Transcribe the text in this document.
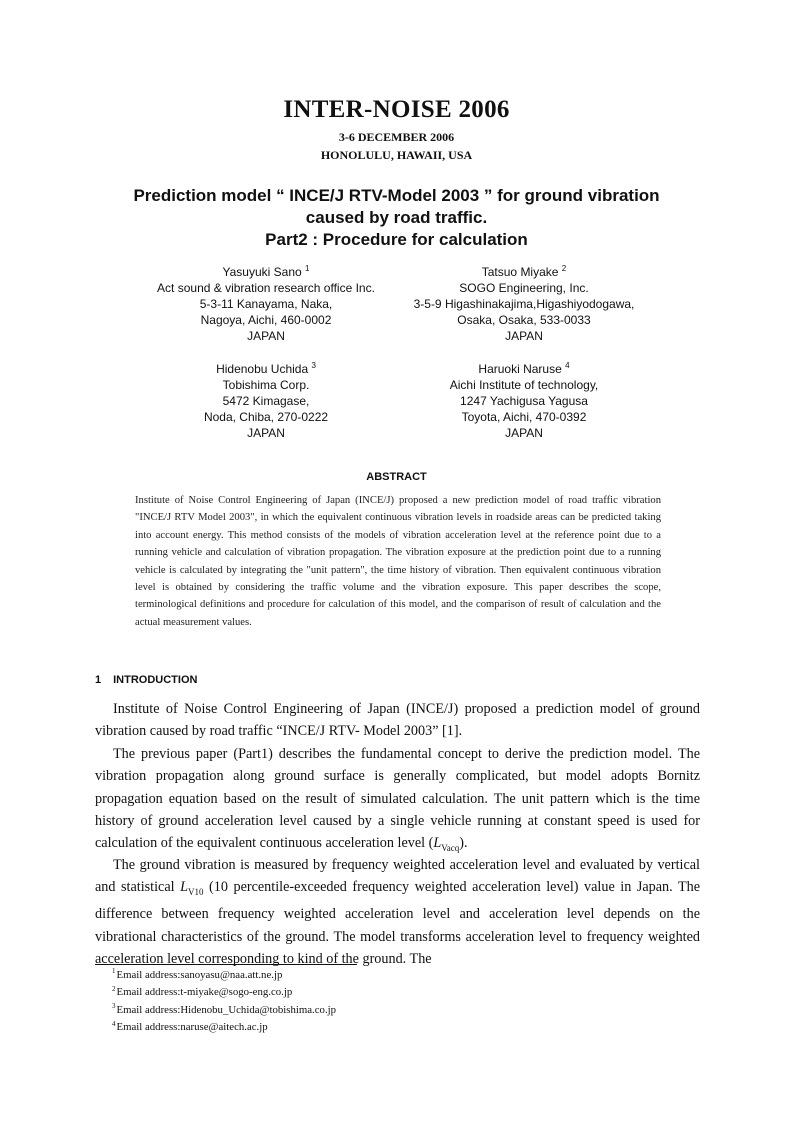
INTER-NOISE 2006
3-6 DECEMBER 2006
HONOLULU, HAWAII, USA
Prediction model “ INCE/J RTV-Model 2003 ” for ground vibration
caused by road traffic.
Part2 : Procedure for calculation
Yasuyuki Sano $^1$
Act sound & vibration research office Inc.
5-3-11 Kanayama, Naka,
Nagoya, Aichi, 460-0002
JAPAN
Tatsuo Miyake $^2$
SOGO Engineering, Inc.
3-5-9 Higashinakajima,Higashiyodogawa,
Osaka, Osaka, 533-0033
JAPAN
Hidenobu Uchida $^3$
Tobishima Corp.
5472 Kimagase,
Noda, Chiba, 270-0222
JAPAN
Haruoki Naruse $^4$
Aichi Institute of technology,
1247 Yachigusa Yagusa
Toyota, Aichi, 470-0392
JAPAN
ABSTRACT
Institute of Noise Control Engineering of Japan (INCE/J) proposed a new prediction model of road traffic vibration "INCE/J RTV Model 2003", in which the equivalent continuous vibration levels in roadside areas can be predicted taking into account energy. This method consists of the models of vibration acceleration level at the reference point due to a running vehicle and calculation of vibration propagation. The vibration exposure at the prediction point due to a running vehicle is calculated by integrating the "unit pattern", the time history of vibration. Then equivalent continuous vibration level is obtained by considering the traffic volume and the vibration exposure. This paper describes the scope, terminological definitions and procedure for calculation of this model, and the comparison of result of calculation and the actual measurement values.
1 INTRODUCTION

Institute of Noise Control Engineering of Japan (INCE/J) proposed a prediction model of ground vibration caused by road traffic “INCE/J RTV- Model 2003” [1].

The previous paper (Part1) describes the fundamental concept to derive the prediction model. The vibration propagation along ground surface is generally complicated, but model adopts Bornitz propagation equation based on the result of simulated calculation. The unit pattern which is the time history of ground acceleration level caused by a single vehicle running at constant speed is used for calculation of the equivalent continuous acceleration level $(L_{Vacq})$.

The ground vibration is measured by frequency weighted acceleration level and evaluated by vertical and statistical $L_{V10}$ (10 percentile-exceeded frequency weighted acceleration level) value in Japan. The difference between frequency weighted acceleration level and acceleration level depends on the vibrational characteristics of the ground. The model transforms acceleration level to frequency weighted acceleration level corresponding to kind of the ground. The

$^1$Email address:sanoyasu@naa.att.ne.jp
$^2$Email address:t-miyake@sogo-eng.co.jp
$^3$Email address:Hidenobu_Uchida@tobishima.co.jp
$^4$Email address:naruse@aitech.ac.jp
